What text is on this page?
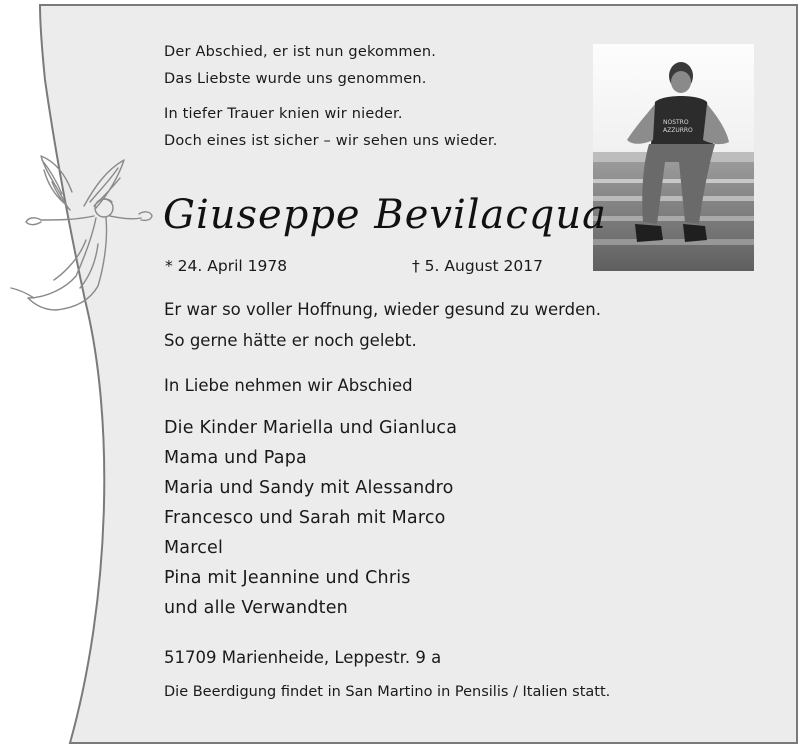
Der Abschied, er ist nun gekommen.

Das Liebste wurde uns genommen.

In tiefer Trauer knien wir nieder.

Doch eines ist sicher – wir sehen uns wieder.

NOSTRO
AZZURRO

Giuseppe Bevilacqua

* 24. April 1978	† 5. August 2017

Er war so voller Hoffnung, wieder gesund zu werden.

So gerne hätte er noch gelebt.

In Liebe nehmen wir Abschied

Die Kinder Mariella und Gianluca

Mama und Papa

Maria und Sandy mit Alessandro

Francesco und Sarah mit Marco

Marcel

Pina mit Jeannine und Chris

und alle Verwandten

51709 Marienheide, Leppestr. 9 a

Die Beerdigung findet in San Martino in Pensilis / Italien statt.
